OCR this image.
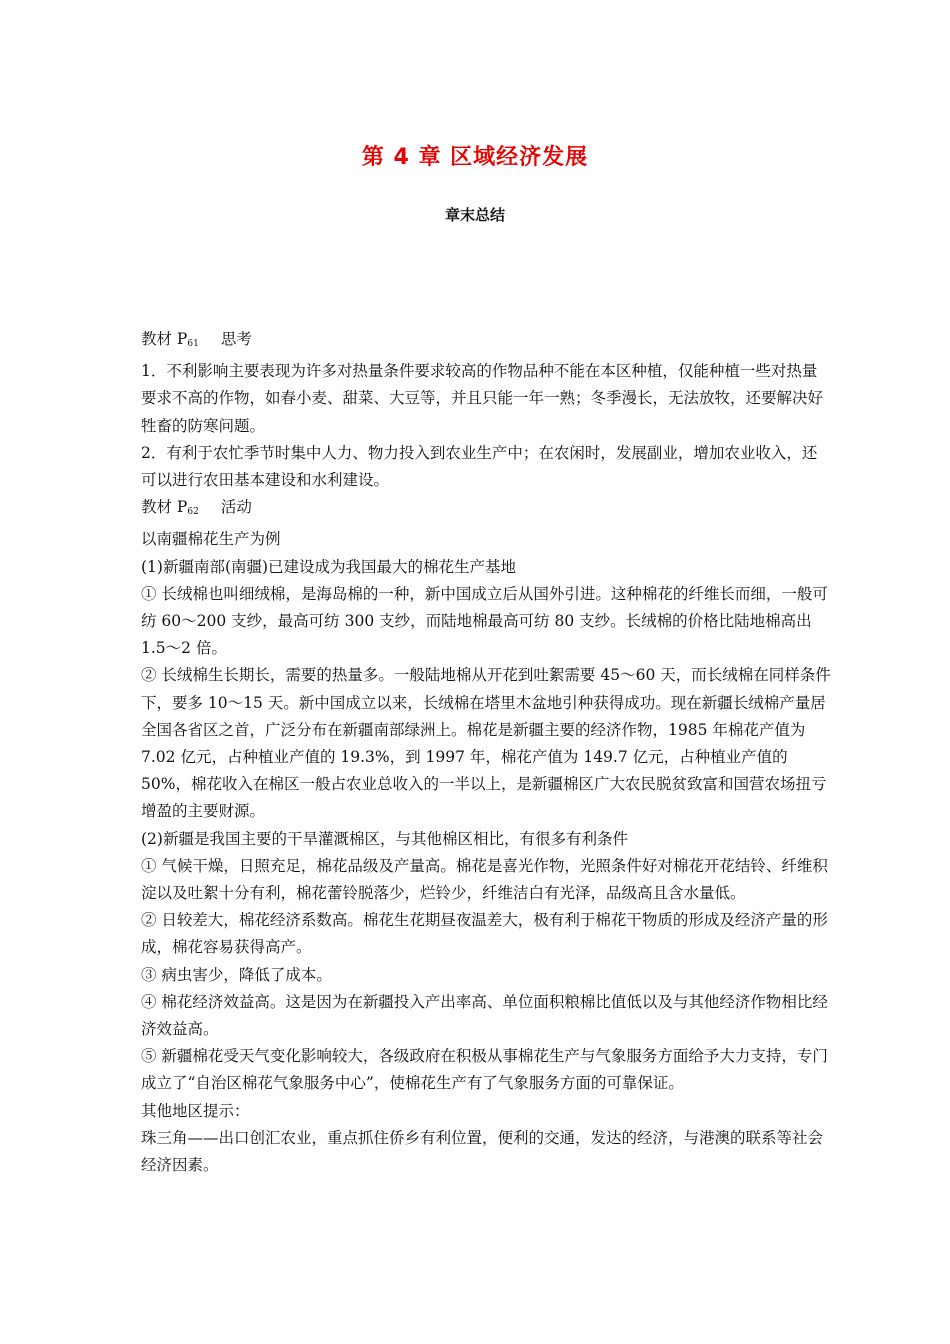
第 4 章 区域经济发展
章末总结

教材 $P_{61}$ 思考

1．不利影响主要表现为许多对热量条件要求较高的作物品种不能在本区种植，仅能种植一些对热量要求不高的作物，如春小麦、甜菜、大豆等，并且只能一年一熟；冬季漫长，无法放牧，还要解决好牲畜的防寒问题。

2．有利于农忙季节时集中人力、物力投入到农业生产中；在农闲时，发展副业，增加农业收入，还可以进行农田基本建设和水利建设。

教材 $P_{62}$ 活动

以南疆棉花生产为例

(1)新疆南部(南疆)已建设成为我国最大的棉花生产基地

① 长绒棉也叫细绒棉，是海岛棉的一种，新中国成立后从国外引进。这种棉花的纤维长而细，一般可纺 60～200 支纱，最高可纺 300 支纱，而陆地棉最高可纺 80 支纱。长绒棉的价格比陆地棉高出 1.5～2 倍。

② 长绒棉生长期长，需要的热量多。一般陆地棉从开花到吐絮需要 45～60 天，而长绒棉在同样条件下，要多 10～15 天。新中国成立以来，长绒棉在塔里木盆地引种获得成功。现在新疆长绒棉产量居全国各省区之首，广泛分布在新疆南部绿洲上。棉花是新疆主要的经济作物，1985 年棉花产值为 7.02 亿元，占种植业产值的 19.3%，到 1997 年，棉花产值为 149.7 亿元，占种植业产值的 50%，棉花收入在棉区一般占农业总收入的一半以上，是新疆棉区广大农民脱贫致富和国营农场扭亏增盈的主要财源。

(2)新疆是我国主要的干旱灌溉棉区，与其他棉区相比，有很多有利条件

① 气候干燥，日照充足，棉花品级及产量高。棉花是喜光作物，光照条件好对棉花开花结铃、纤维积淀以及吐絮十分有利，棉花蕾铃脱落少，烂铃少，纤维洁白有光泽，品级高且含水量低。

② 日较差大，棉花经济系数高。棉花生花期昼夜温差大，极有利于棉花干物质的形成及经济产量的形成，棉花容易获得高产。

③ 病虫害少，降低了成本。

④ 棉花经济效益高。这是因为在新疆投入产出率高、单位面积粮棉比值低以及与其他经济作物相比经济效益高。

⑤ 新疆棉花受天气变化影响较大，各级政府在积极从事棉花生产与气象服务方面给予大力支持，专门成立了“自治区棉花气象服务中心”，使棉花生产有了气象服务方面的可靠保证。

其他地区提示：

珠三角——出口创汇农业，重点抓住侨乡有利位置，便利的交通，发达的经济，与港澳的联系等社会经济因素。
